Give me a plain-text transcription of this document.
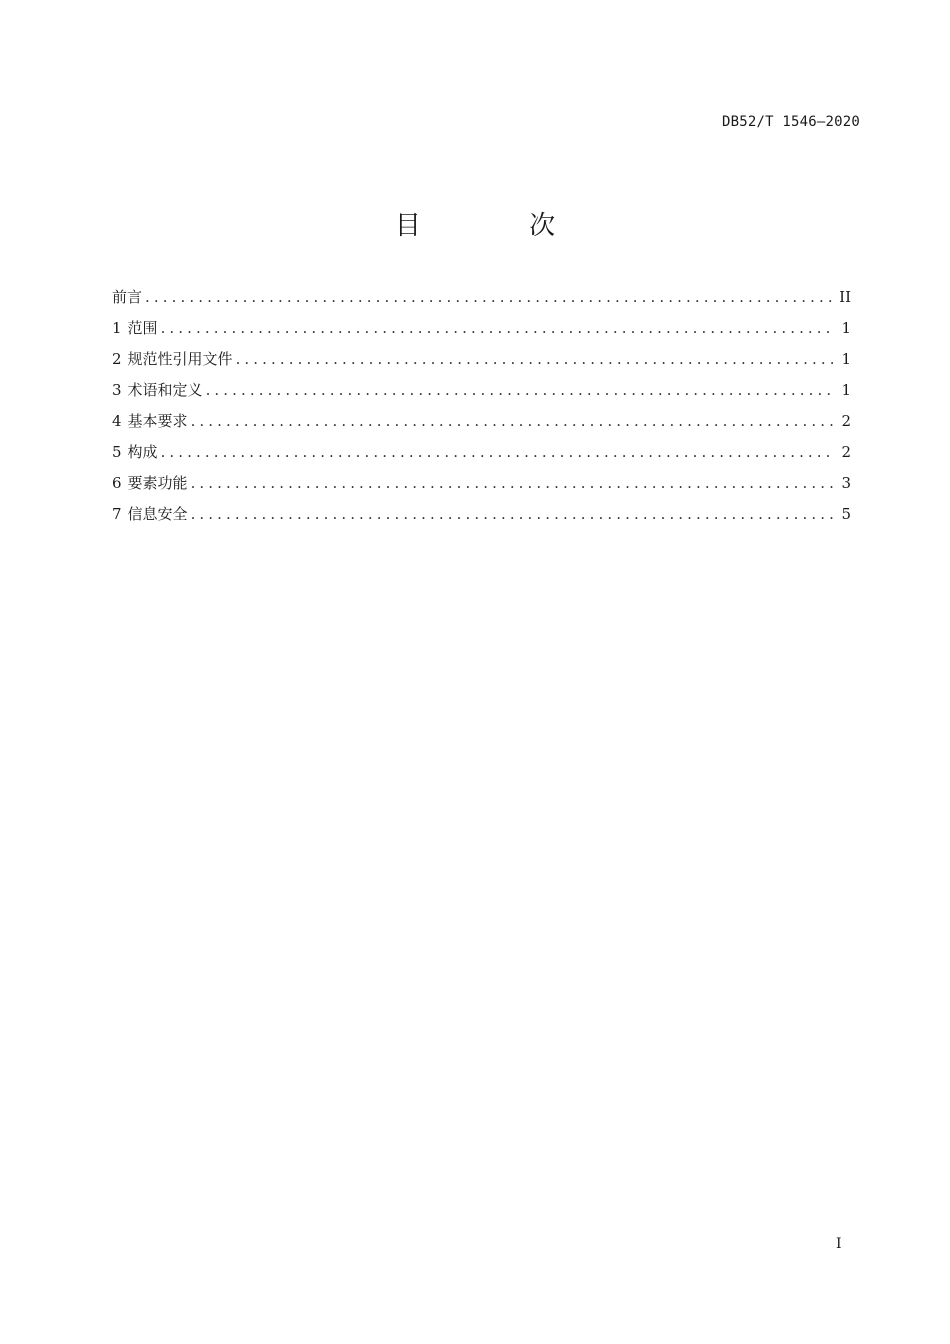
DB52/T 1546—2020
目 次
前言 .....	II
1 范围 .....	1
2 规范性引用文件 .....	1
3 术语和定义 .....	1
4 基本要求 .....	2
5 构成 .....	2
6 要素功能 .....	3
7 信息安全 .....	5
I
